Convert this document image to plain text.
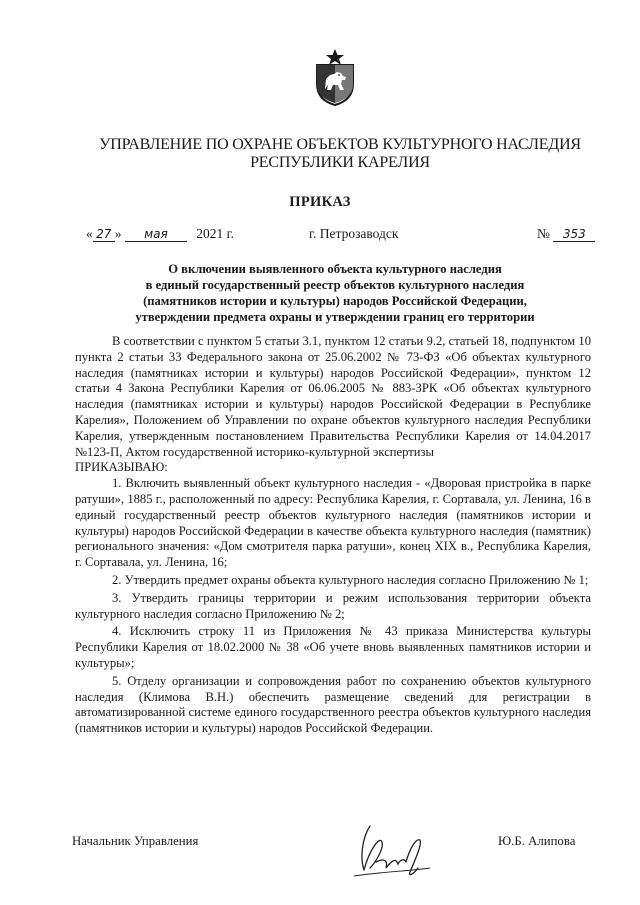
УПРАВЛЕНИЕ ПО ОХРАНЕ ОБЪЕКТОВ КУЛЬТУРНОГО НАСЛЕДИЯ
РЕСПУБЛИКИ КАРЕЛИЯ
ПРИКАЗ
« 27 » мая 2021 г.	г. Петрозаводск	№ 353
О включении выявленного объекта культурного наследия
в единый государственный реестр объектов культурного наследия
(памятников истории и культуры) народов Российской Федерации,
утверждении предмета охраны и утверждении границ его территории

В соответствии с пунктом 5 статьи 3.1, пунктом 12 статьи 9.2, статьей 18, подпунктом 10 пункта 2 статьи 33 Федерального закона от 25.06.2002 № 73-ФЗ «Об объектах культурного наследия (памятниках истории и культуры) народов Российской Федерации», пунктом 12 статьи 4 Закона Республики Карелия от 06.06.2005 № 883-ЗРК «Об объектах культурного наследия (памятниках истории и культуры) народов Российской Федерации в Республике Карелия», Положением об Управлении по охране объектов культурного наследия Республики Карелия, утвержденным постановлением Правительства Республики Карелия от 14.04.2017 №123-П, Актом государственной историко-культурной экспертизы

ПРИКАЗЫВАЮ:

1. Включить выявленный объект культурного наследия - «Дворовая пристройка в парке ратуши», 1885 г., расположенный по адресу: Республика Карелия, г. Сортавала, ул. Ленина, 16 в единый государственный реестр объектов культурного наследия (памятников истории и культуры) народов Российской Федерации в качестве объекта культурного наследия (памятник) регионального значения: «Дом смотрителя парка ратуши», конец XIX в., Республика Карелия, г. Сортавала, ул. Ленина, 16;

2. Утвердить предмет охраны объекта культурного наследия согласно Приложению № 1;

3. Утвердить границы территории и режим использования территории объекта культурного наследия согласно Приложению № 2;

4. Исключить строку 11 из Приложения № 43 приказа Министерства культуры Республики Карелия от 18.02.2000 № 38 «Об учете вновь выявленных памятников истории и культуры»;

5. Отделу организации и сопровождения работ по сохранению объектов культурного наследия (Климова В.Н.) обеспечить размещение сведений для регистрации в автоматизированной системе единого государственного реестра объектов культурного наследия (памятников истории и культуры) народов Российской Федерации.

Начальник Управления	Ю.Б. Алипова
